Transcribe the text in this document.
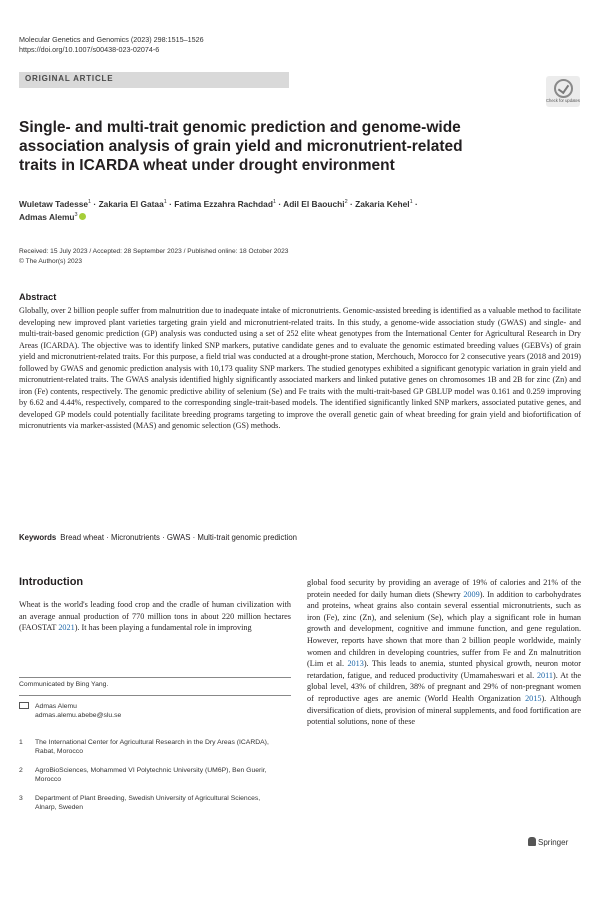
Molecular Genetics and Genomics (2023) 298:1515–1526
https://doi.org/10.1007/s00438-023-02074-6
ORIGINAL ARTICLE
Check for updates
Single- and multi-trait genomic prediction and genome-wide association analysis of grain yield and micronutrient-related traits in ICARDA wheat under drought environment
Wuletaw Tadesse$^1$ · Zakaria El Gataa$^1$ · Fatima Ezzahra Rachdad$^1$ · Adil El Baouchi$^2$ · Zakaria Kehel$^1$ ·
Admas Alemu$^3$
Received: 15 July 2023 / Accepted: 28 September 2023 / Published online: 18 October 2023
© The Author(s) 2023
Abstract
Globally, over 2 billion people suffer from malnutrition due to inadequate intake of micronutrients. Genomic-assisted breeding is identified as a valuable method to facilitate developing new improved plant varieties targeting grain yield and micronutrient-related traits. In this study, a genome-wide association study (GWAS) and single- and multi-trait-based genomic prediction (GP) analysis was conducted using a set of 252 elite wheat genotypes from the International Center for Agricultural Research in Dry Areas (ICARDA). The objective was to identify linked SNP markers, putative candidate genes and to evaluate the genomic estimated breeding values (GEBVs) of grain yield and micronutrient-related traits. For this purpose, a field trial was conducted at a drought-prone station, Merchouch, Morocco for 2 consecutive years (2018 and 2019) followed by GWAS and genomic prediction analysis with 10,173 quality SNP markers. The studied genotypes exhibited a significant genotypic variation in grain yield and micronutrient-related traits. The GWAS analysis identified highly significantly associated markers and linked putative genes on chromosomes 1B and 2B for zinc (Zn) and iron (Fe) contents, respectively. The genomic predictive ability of selenium (Se) and Fe traits with the multi-trait-based GP GBLUP model was 0.161 and 0.259 improving by 6.62 and 4.44%, respectively, compared to the corresponding single-trait-based models. The identified significantly linked SNP markers, associated putative genes, and developed GP models could potentially facilitate breeding programs targeting to improve the overall genetic gain of wheat breeding for grain yield and biofortification of micronutrients via marker-assisted (MAS) and genomic selection (GS) methods.
Keywords Bread wheat · Micronutrients · GWAS · Multi-trait genomic prediction
Introduction
Wheat is the world's leading food crop and the cradle of human civilization with an average annual production of 770 million tons in about 220 million hectares (FAOSTAT 2021). It has been playing a fundamental role in improving
global food security by providing an average of 19% of calories and 21% of the protein needed for daily human diets (Shewry 2009). In addition to carbohydrates and proteins, wheat grains also contain several essential micronutrients, such as iron (Fe), zinc (Zn), and selenium (Se), which play a significant role in human growth and development, cognitive and immune function, and gene regulation. However, reports have shown that more than 2 billion people worldwide, mainly women and children in developing countries, suffer from Fe and Zn malnutrition (Lim et al. 2013). This leads to anemia, stunted physical growth, neuron motor retardation, fatigue, and reduced productivity (Umamaheswari et al. 2011). At the global level, 43% of children, 38% of pregnant and 29% of non-pregnant women of reproductive ages are anemic (World Health Organization 2015). Although diversification of diets, provision of mineral supplements, and food fortification are potential solutions, none of these
Communicated by Bing Yang.
Admas Alemu
admas.alemu.abebe@slu.se
1	The International Center for Agricultural Research in the Dry Areas (ICARDA), Rabat, Morocco
2	AgroBioSciences, Mohammed VI Polytechnic University (UM6P), Ben Guerir, Morocco
3	Department of Plant Breeding, Swedish University of Agricultural Sciences, Alnarp, Sweden
Springer
